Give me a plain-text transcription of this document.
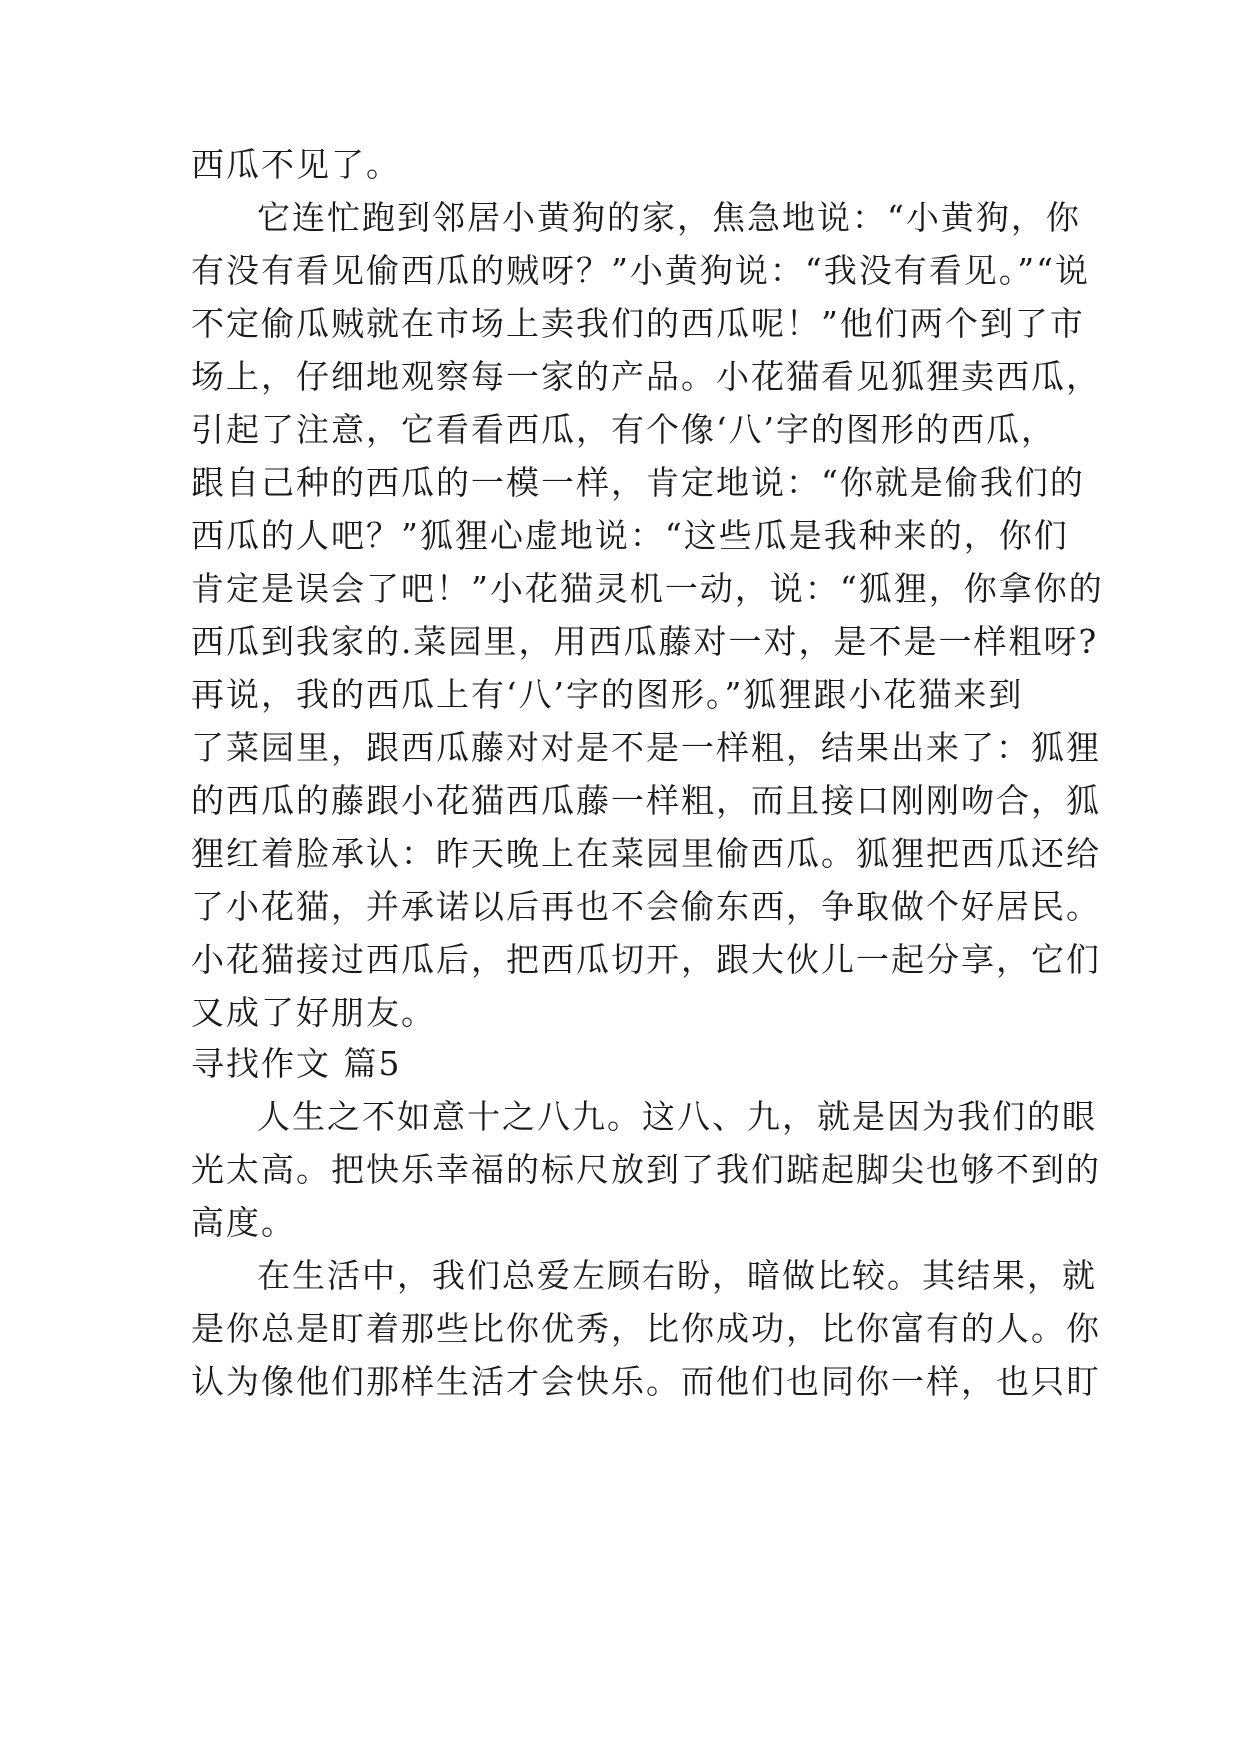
西瓜不见了。
它连忙跑到邻居小黄狗的家，焦急地说：“小黄狗，你
有没有看见偷西瓜的贼呀？”小黄狗说：“我没有看见。”“说
不定偷瓜贼就在市场上卖我们的西瓜呢！”他们两个到了市
场上，仔细地观察每一家的产品。小花猫看见狐狸卖西瓜，
引起了注意，它看看西瓜，有个像‘八’字的图形的西瓜，
跟自己种的西瓜的一模一样，肯定地说：“你就是偷我们的
西瓜的人吧？”狐狸心虚地说：“这些瓜是我种来的，你们
肯定是误会了吧！”小花猫灵机一动，说：“狐狸，你拿你的
西瓜到我家的.菜园里，用西瓜藤对一对，是不是一样粗呀?
再说，我的西瓜上有‘八’字的图形。”狐狸跟小花猫来到
了菜园里，跟西瓜藤对对是不是一样粗，结果出来了：狐狸
的西瓜的藤跟小花猫西瓜藤一样粗，而且接口刚刚吻合，狐
狸红着脸承认：昨天晚上在菜园里偷西瓜。狐狸把西瓜还给
了小花猫，并承诺以后再也不会偷东西，争取做个好居民。
小花猫接过西瓜后，把西瓜切开，跟大伙儿一起分享，它们
又成了好朋友。
寻找作文 篇5
人生之不如意十之八九。这八、九，就是因为我们的眼
光太高。把快乐幸福的标尺放到了我们踮起脚尖也够不到的
高度。
在生活中，我们总爱左顾右盼，暗做比较。其结果，就
是你总是盯着那些比你优秀，比你成功，比你富有的人。你
认为像他们那样生活才会快乐。而他们也同你一样，也只盯
